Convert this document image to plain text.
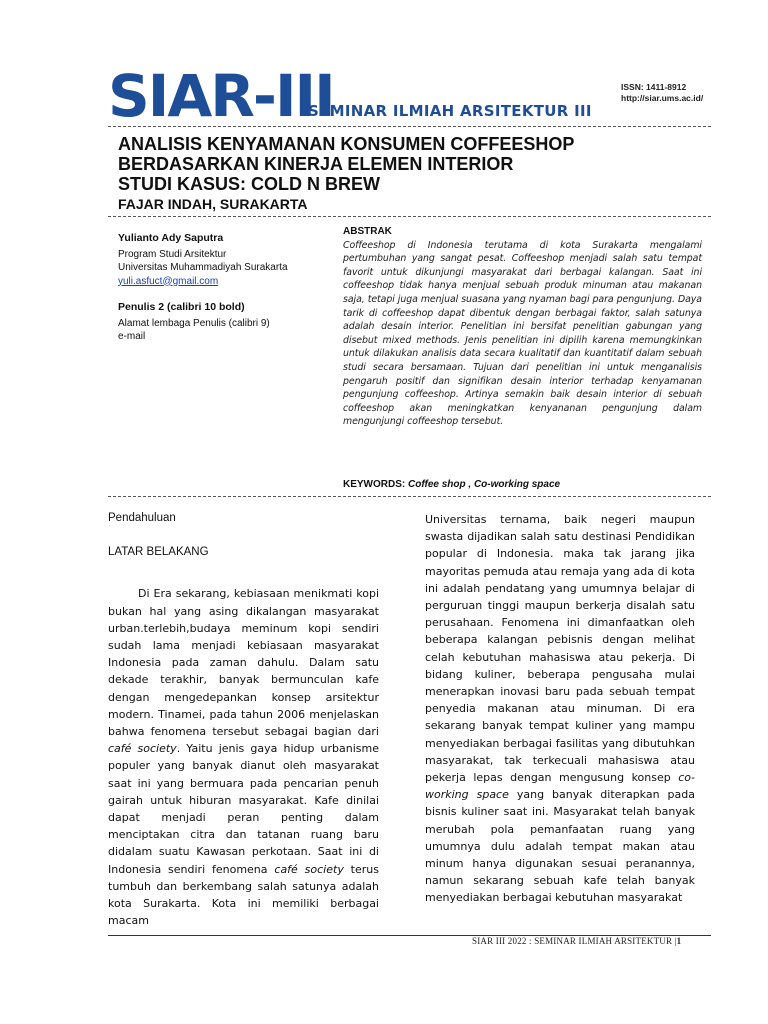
SIAR-III
SEMINAR ILMIAH ARSITEKTUR III
ISSN: 1411-8912
http://siar.ums.ac.id/
ANALISIS KENYAMANAN KONSUMEN COFFEESHOP
BERDASARKAN KINERJA ELEMEN INTERIOR
STUDI KASUS: COLD N BREW
FAJAR INDAH, SURAKARTA
Yulianto Ady Saputra
Program Studi Arsitektur
Universitas Muhammadiyah Surakarta
yuli.asfuct@gmail.com
Penulis 2 (calibri 10 bold)
Alamat lembaga Penulis (calibri 9)
e-mail
ABSTRAK
Coffeeshop di Indonesia terutama di kota Surakarta mengalami pertumbuhan yang sangat pesat. Coffeeshop menjadi salah satu tempat favorit untuk dikunjungi masyarakat dari berbagai kalangan. Saat ini coffeeshop tidak hanya menjual sebuah produk minuman atau makanan saja, tetapi juga menjual suasana yang nyaman bagi para pengunjung. Daya tarik di coffeeshop dapat dibentuk dengan berbagai faktor, salah satunya adalah desain interior. Penelitian ini bersifat penelitian gabungan yang disebut mixed methods. Jenis penelitian ini dipilih karena memungkinkan untuk dilakukan analisis data secara kualitatif dan kuantitatif dalam sebuah studi secara bersamaan. Tujuan dari penelitian ini untuk menganalisis pengaruh positif dan signifikan desain interior terhadap kenyamanan pengunjung coffeeshop. Artinya semakin baik desain interior di sebuah coffeeshop akan meningkatkan kenyananan pengunjung dalam mengunjungi coffeeshop tersebut.
KEYWORDS: Coffee shop , Co-working space
Pendahuluan
LATAR BELAKANG

Di Era sekarang, kebiasaan menikmati kopi bukan hal yang asing dikalangan masyarakat urban.terlebih,budaya meminum kopi sendiri sudah lama menjadi kebiasaan masyarakat Indonesia pada zaman dahulu. Dalam satu dekade terakhir, banyak bermunculan kafe dengan mengedepankan konsep arsitektur modern. Tinamei, pada tahun 2006 menjelaskan bahwa fenomena tersebut sebagai bagian dari café society. Yaitu jenis gaya hidup urbanisme populer yang banyak dianut oleh masyarakat saat ini yang bermuara pada pencarian penuh gairah untuk hiburan masyarakat. Kafe dinilai dapat menjadi peran penting dalam menciptakan citra dan tatanan ruang baru didalam suatu Kawasan perkotaan. Saat ini di Indonesia sendiri fenomena café society terus tumbuh dan berkembang salah satunya adalah kota Surakarta. Kota ini memiliki berbagai macam

Universitas ternama, baik negeri maupun swasta dijadikan salah satu destinasi Pendidikan popular di Indonesia. maka tak jarang jika mayoritas pemuda atau remaja yang ada di kota ini adalah pendatang yang umumnya belajar di perguruan tinggi maupun berkerja disalah satu perusahaan. Fenomena ini dimanfaatkan oleh beberapa kalangan pebisnis dengan melihat celah kebutuhan mahasiswa atau pekerja. Di bidang kuliner, beberapa pengusaha mulai menerapkan inovasi baru pada sebuah tempat penyedia makanan atau minuman. Di era sekarang banyak tempat kuliner yang mampu menyediakan berbagai fasilitas yang dibutuhkan masyarakat, tak terkecuali mahasiswa atau pekerja lepas dengan mengusung konsep co-working space yang banyak diterapkan pada bisnis kuliner saat ini. Masyarakat telah banyak merubah pola pemanfaatan ruang yang umumnya dulu adalah tempat makan atau minum hanya digunakan sesuai peranannya, namun sekarang sebuah kafe telah banyak menyediakan berbagai kebutuhan masyarakat
SIAR III 2022 : SEMINAR ILMIAH ARSITEKTUR |1
